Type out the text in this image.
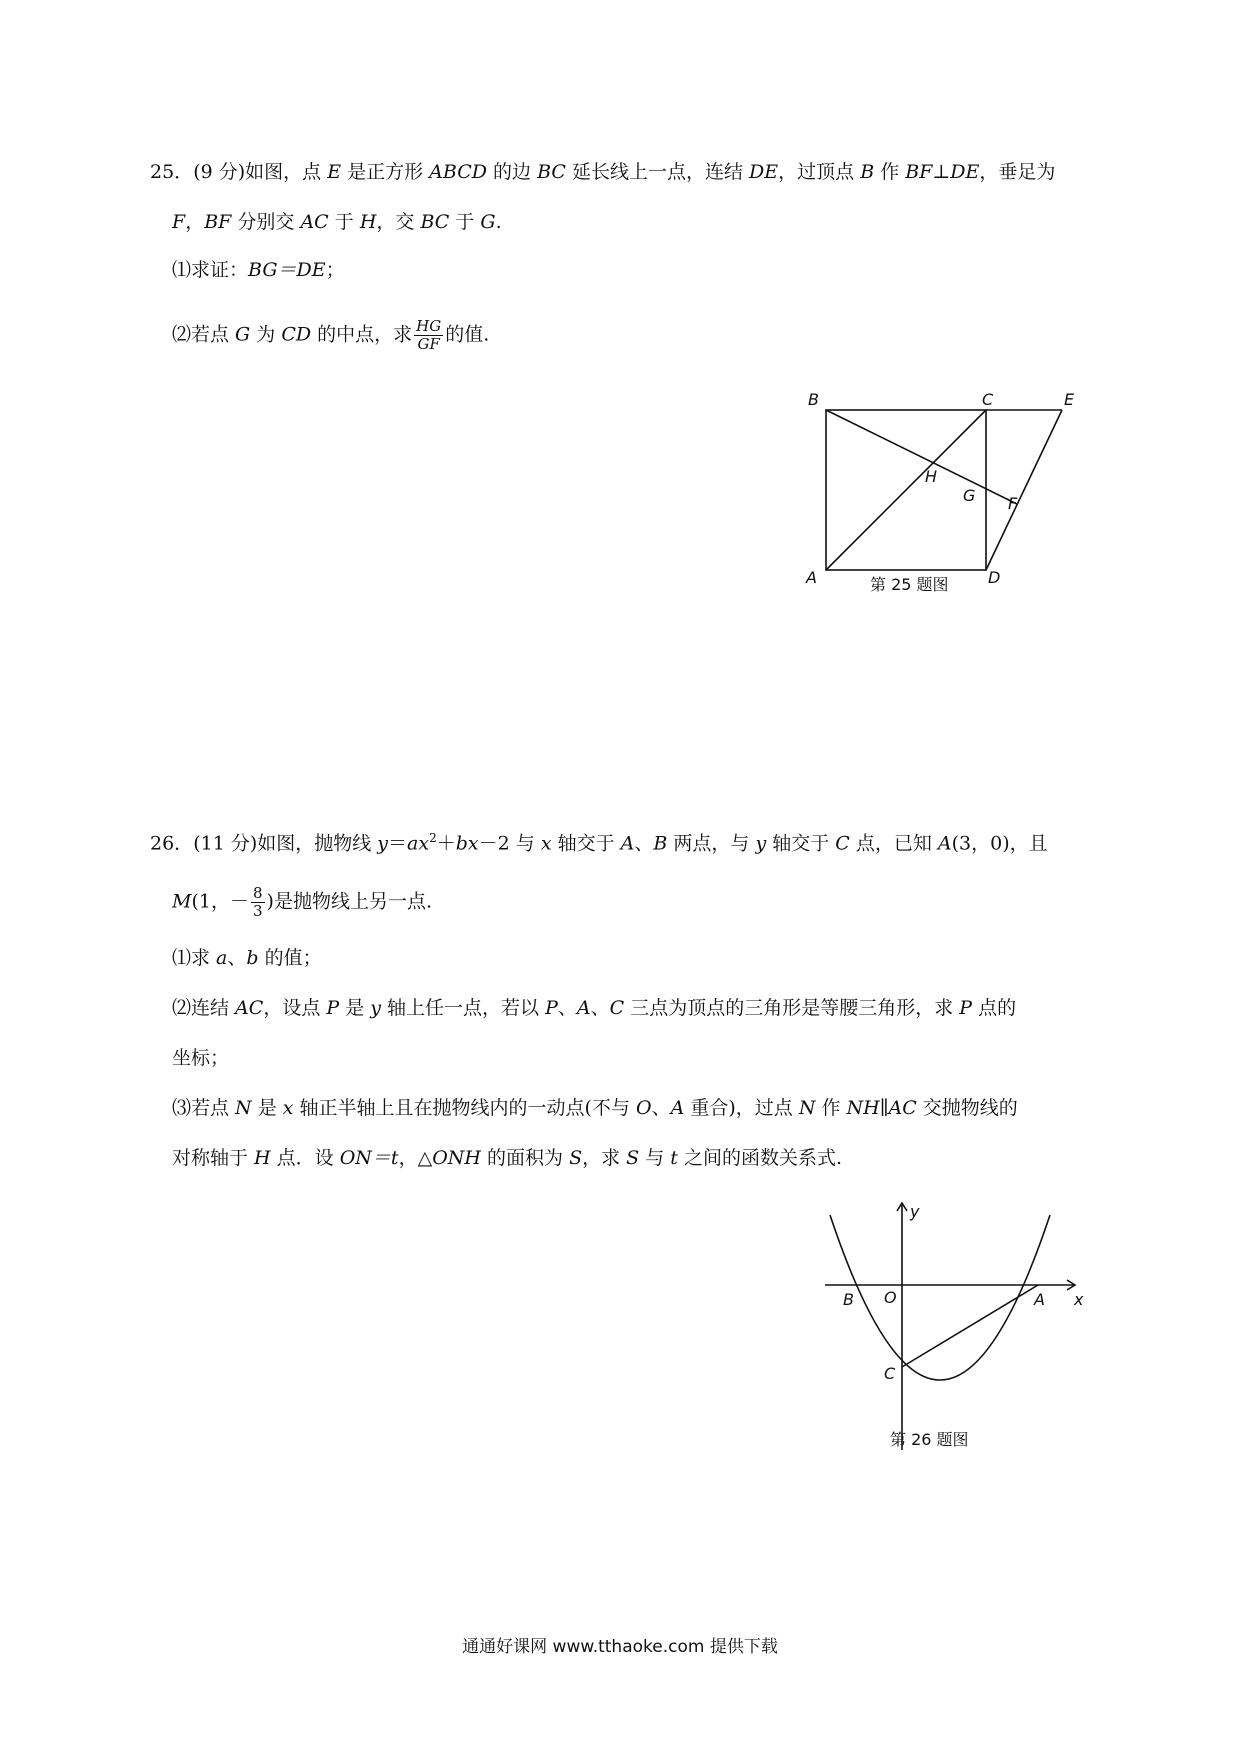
25．(9 分)如图，点 E 是正方形 ABCD 的边 BC 延长线上一点，连结 DE，过顶点 B 作 BF⊥DE，垂足为
F，BF 分别交 AC 于 H，交 BC 于 G.
⑴求证：BG＝DE；
⑵若点 G 为 CD 的中点，求 $\frac{HG}{GF}$ 的值.
B	C	E
H
G F
A	D
第 25 题图
26．(11 分)如图，抛物线 $y=ax^2+bx-2$ 与 x 轴交于 A、B 两点，与 y 轴交于 C 点，已知 A(3，0)，且
M(1，－ $\frac{8}{3}$ )是抛物线上另一点.
⑴求 a、b 的值；
⑵连结 AC，设点 P 是 y 轴上任一点，若以 P、A、C 三点为顶点的三角形是等腰三角形，求 P 点的
坐标；
⑶若点 N 是 x 轴正半轴上且在抛物线内的一动点(不与 O、A 重合)，过点 N 作 NH∥AC 交抛物线的
对称轴于 H 点．设 ON＝t，△ONH 的面积为 S，求 S 与 t 之间的函数关系式.
y
x
O
B	A
C
第 26 题图
通通好课网 www.tthaoke.com 提供下载
